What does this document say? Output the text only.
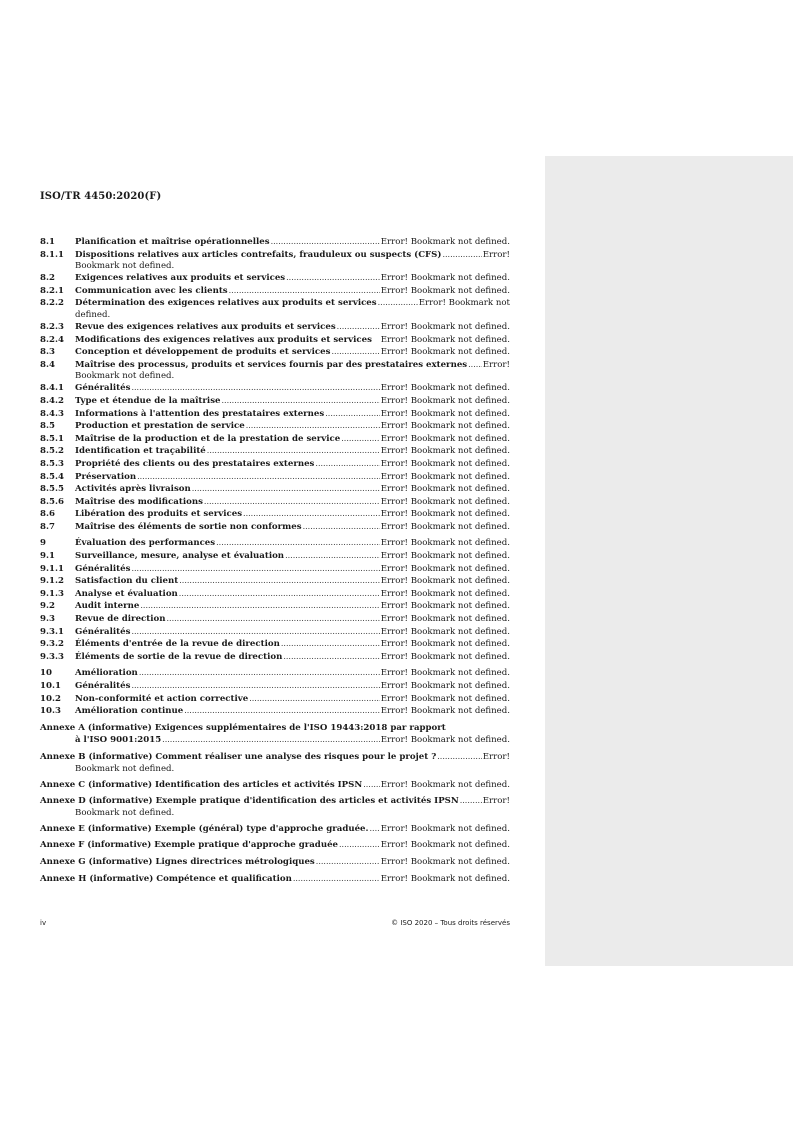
ISO/TR 4450:2020(F)
8.1	Planification et maîtrise opérationnelles .....	Error! Bookmark not defined.
8.1.1	Dispositions relatives aux articles contrefaits, frauduleux ou suspects (CFS) .....	Error!
Bookmark not defined.
8.2	Exigences relatives aux produits et services .....	Error! Bookmark not defined.
8.2.1	Communication avec les clients .....	Error! Bookmark not defined.
8.2.2	Détermination des exigences relatives aux produits et services .....	Error! Bookmark not
defined.
8.2.3	Revue des exigences relatives aux produits et services .....	Error! Bookmark not defined.
8.2.4	Modifications des exigences relatives aux produits et services Error! Bookmark not defined.
8.3	Conception et développement de produits et services .....	Error! Bookmark not defined.
8.4	Maîtrise des processus, produits et services fournis par des prestataires externes ..... Error!
Bookmark not defined.
8.4.1	Généralités .....	Error! Bookmark not defined.
8.4.2	Type et étendue de la maîtrise .....	Error! Bookmark not defined.
8.4.3	Informations à l'attention des prestataires externes .....	Error! Bookmark not defined.
8.5	Production et prestation de service .....	Error! Bookmark not defined.
8.5.1	Maîtrise de la production et de la prestation de service .....	Error! Bookmark not defined.
8.5.2	Identification et traçabilité .....	Error! Bookmark not defined.
8.5.3	Propriété des clients ou des prestataires externes .....	Error! Bookmark not defined.
8.5.4	Préservation .....	Error! Bookmark not defined.
8.5.5	Activités après livraison .....	Error! Bookmark not defined.
8.5.6	Maîtrise des modifications .....	Error! Bookmark not defined.
8.6	Libération des produits et services .....	Error! Bookmark not defined.
8.7	Maîtrise des éléments de sortie non conformes .....	Error! Bookmark not defined.
9	Évaluation des performances .....	Error! Bookmark not defined.
9.1	Surveillance, mesure, analyse et évaluation .....	Error! Bookmark not defined.
9.1.1	Généralités .....	Error! Bookmark not defined.
9.1.2	Satisfaction du client .....	Error! Bookmark not defined.
9.1.3	Analyse et évaluation .....	Error! Bookmark not defined.
9.2	Audit interne .....	Error! Bookmark not defined.
9.3	Revue de direction .....	Error! Bookmark not defined.
9.3.1	Généralités .....	Error! Bookmark not defined.
9.3.2	Éléments d'entrée de la revue de direction .....	Error! Bookmark not defined.
9.3.3	Éléments de sortie de la revue de direction .....	Error! Bookmark not defined.
10	Amélioration .....	Error! Bookmark not defined.
10.1	Généralités .....	Error! Bookmark not defined.
10.2	Non-conformité et action corrective .....	Error! Bookmark not defined.
10.3	Amélioration continue .....	Error! Bookmark not defined.
Annexe A (informative) Exigences supplémentaires de l'ISO 19443:2018 par rapport
à l'ISO 9001:2015 .....	Error! Bookmark not defined.
Annexe B (informative) Comment réaliser une analyse des risques pour le projet ? .....	Error!
Bookmark not defined.
Annexe C (informative) Identification des articles et activités IPSN ..... Error! Bookmark not defined.
Annexe D (informative) Exemple pratique d'identification des articles et activités IPSN .....	Error!
Bookmark not defined.
Annexe E (informative) Exemple (général) type d'approche graduée. ..... Error! Bookmark not defined.
Annexe F (informative) Exemple pratique d'approche graduée .....	Error! Bookmark not defined.
Annexe G (informative) Lignes directrices métrologiques .....	Error! Bookmark not defined.
Annexe H (informative) Compétence et qualification .....	Error! Bookmark not defined.
iv	© ISO 2020 – Tous droits réservés
